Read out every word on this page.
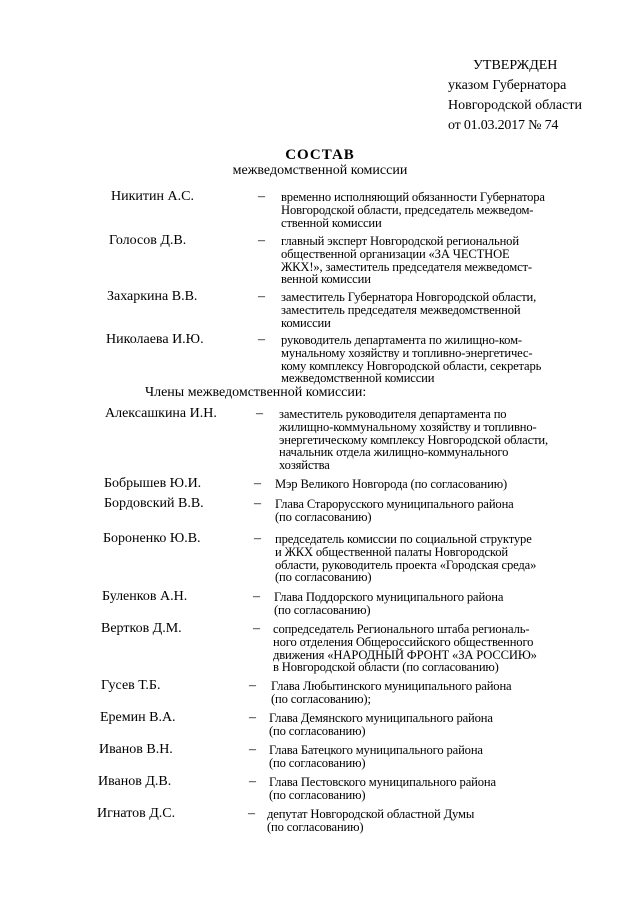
УТВЕРЖДЕН
указом Губернатора
Новгородской области
от 01.03.2017 № 74
СОСТАВ
межведомственной комиссии
Никитин А.С.	– временно исполняющий обязанности Губернатора
Новгородской области, председатель межведом-
ственной комиссии
Голосов Д.В.	– главный эксперт Новгородской региональной
общественной организации «ЗА ЧЕСТНОЕ
ЖКХ!», заместитель председателя межведомст-
венной комиссии
Захаркина В.В.	– заместитель Губернатора Новгородской области,
заместитель председателя межведомственной
комиссии
Николаева И.Ю.	– руководитель департамента по жилищно-ком-
мунальному хозяйству и топливно-энергетичес-
кому комплексу Новгородской области, секретарь
межведомственной комиссии
Члены межведомственной комиссии:
Алексашкина И.Н.	– заместитель руководителя департамента по
жилищно-коммунальному хозяйству и топливно-
энергетическому комплексу Новгородской области,
начальник отдела жилищно-коммунального
хозяйства
Бобрышев Ю.И.	– Мэр Великого Новгорода (по согласованию)
Бордовский В.В.	– Глава Старорусского муниципального района
(по согласованию)
Бороненко Ю.В.	– председатель комиссии по социальной структуре
и ЖКХ общественной палаты Новгородской
области, руководитель проекта «Городская среда»
(по согласованию)
Буленков А.Н.	– Глава Поддорского муниципального района
(по согласованию)
Вертков Д.М.	– сопредседатель Регионального штаба региональ-
ного отделения Общероссийского общественного
движения «НАРОДНЫЙ ФРОНТ «ЗА РОССИЮ»
в Новгородской области (по согласованию)
Гусев Т.Б.	– Глава Любытинского муниципального района
(по согласованию);
Еремин В.А.	– Глава Демянского муниципального района
(по согласованию)
Иванов В.Н.	– Глава Батецкого муниципального района
(по согласованию)
Иванов Д.В.	– Глава Пестовского муниципального района
(по согласованию)
Игнатов Д.С.	– депутат Новгородской областной Думы
(по согласованию)
